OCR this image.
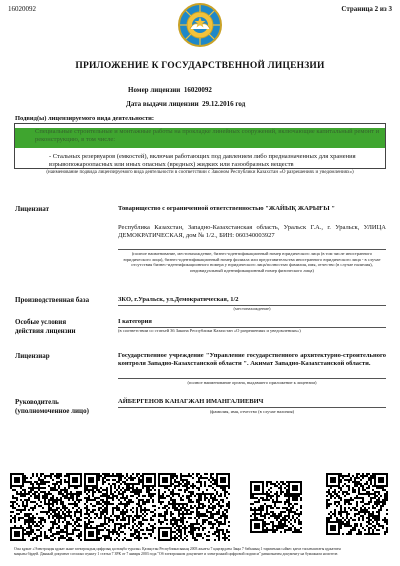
16020092	Страница 2 из 3
ПРИЛОЖЕНИЕ К ГОСУДАРСТВЕННОЙ ЛИЦЕНЗИИ
Номер лицензии 16020092
Дата выдачи лицензии 29.12.2016 год
Подвид(ы) лицензируемого вида деятельности:
Специальные строительные и монтажные работы на прокладке линейных сооружений, включающие капитальный ремонт и реконструкцию, в том числе:
- Стальных резервуаров (емкостей), включая работающих под давлением либо предназначенных для хранения взрывопожароопасных или иных опасных (вредных) жидких или газообразных веществ
(наименование подвида лицензируемого вида деятельности в соответствии с Законом Республики Казахстан «О разрешениях и уведомлениях»)
Лицензиат	Товарищество с ограниченной ответственностью "ЖАЙЫҚ ЖАРЫҒЫ "
Республика Казахстан, Западно-Казахстанская область, Уральск Г.А., г. Уральск, УЛИЦА ДЕМОКРАТИЧЕСКАЯ, дом № 1/2., БИН: 060340003927
(полное наименование, местонахождение, бизнес-идентификационный номер юридического лица (в том числе иностранного юридического лица), бизнес-идентификационный номер филиала или представительства иностранного юридического лица - в случае отсутствия бизнес-идентификационного номера у юридического лица/полностью фамилия, имя, отчество (в случае наличия), индивидуальный идентификационный номер физического лица)
Производственная база	ЗКО, г.Уральск, ул.Демократическая, 1/2
(местонахождение)
Особые условия
действия лицензии
I категория
(в соответствии со статьей 36 Закона Республики Казахстан «О разрешениях и уведомлениях»)
Лицензиар	Государственное учреждение "Управление государственного архитектурно-строительного контроля Западно-Казахстанской области ". Акимат Западно-Казахстанской области.
(полное наименование органа, выдавшего приложение к лицензии)
Руководитель
(уполномоченное лицо)
АЙБЕРГЕНОВ КАНАГЖАН ИМАНГАЛИЕВИЧ
(фамилия, имя, отчество (в случае наличия)
Осы құжат «Электронды құжат және электрондық цифрлық қолтаңба туралы» Қазақстан Республикасының 2003 жылғы 7 қаңтардағы Заңы 7 бабының 1 тармағына сәйкес қағаз тасығыштағы құжатпен
маңызы бірдей. Данный документ согласно пункту 1 статьи 7 ЗРК от 7 января 2003 года "Об электронном документе и электронной цифровой подписи" равнозначен документу на бумажном носителе.
